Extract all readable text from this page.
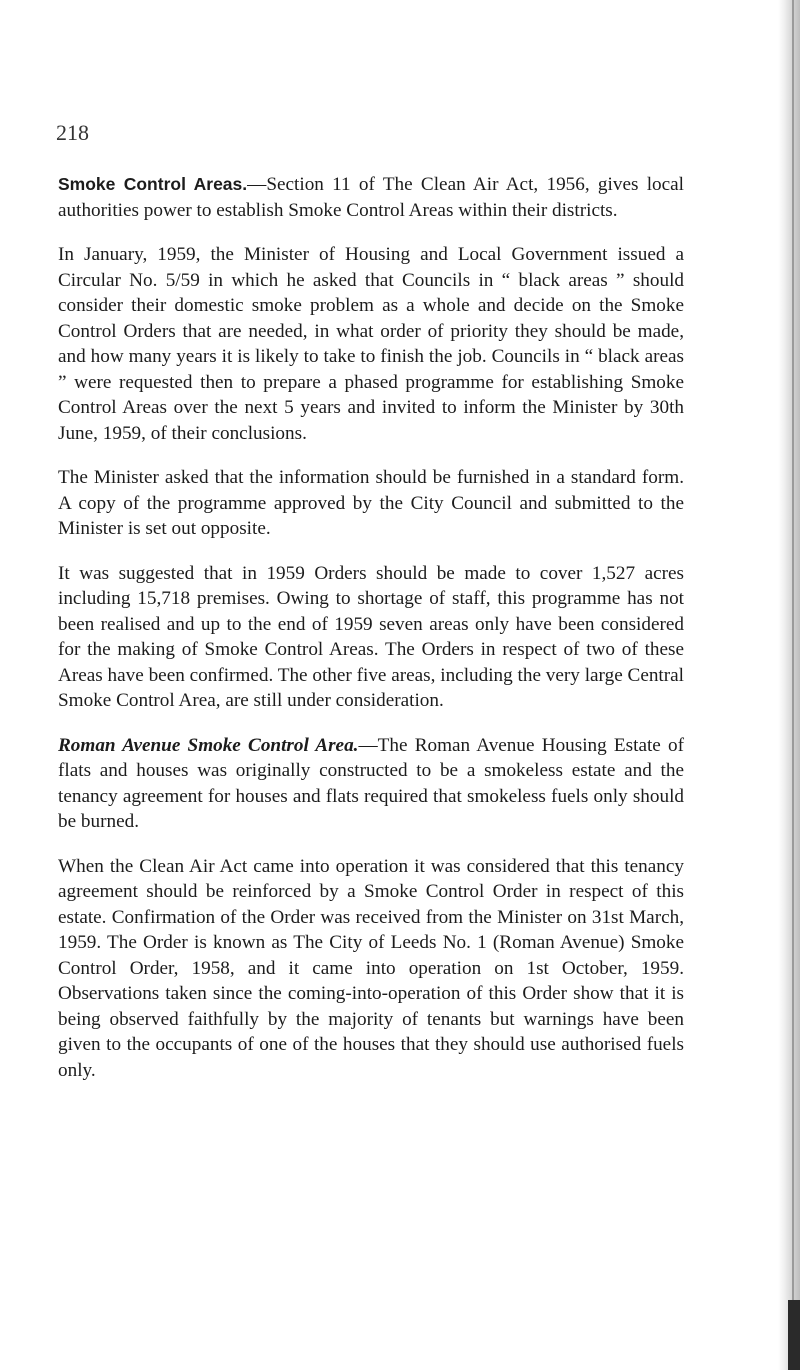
218

Smoke Control Areas.—Section 11 of The Clean Air Act, 1956, gives local authorities power to establish Smoke Control Areas within their districts.

In January, 1959, the Minister of Housing and Local Government issued a Circular No. 5/59 in which he asked that Councils in “ black areas ” should consider their domestic smoke problem as a whole and decide on the Smoke Control Orders that are needed, in what order of priority they should be made, and how many years it is likely to take to finish the job. Councils in “ black areas ” were requested then to prepare a phased programme for establishing Smoke Control Areas over the next 5 years and invited to inform the Minister by 30th June, 1959, of their conclusions.

The Minister asked that the information should be furnished in a standard form. A copy of the programme approved by the City Council and submitted to the Minister is set out opposite.

It was suggested that in 1959 Orders should be made to cover 1,527 acres including 15,718 premises. Owing to shortage of staff, this programme has not been realised and up to the end of 1959 seven areas only have been considered for the making of Smoke Control Areas. The Orders in respect of two of these Areas have been confirmed. The other five areas, including the very large Central Smoke Control Area, are still under consideration.

Roman Avenue Smoke Control Area.—The Roman Avenue Housing Estate of flats and houses was originally constructed to be a smokeless estate and the tenancy agreement for houses and flats required that smokeless fuels only should be burned.

When the Clean Air Act came into operation it was considered that this tenancy agreement should be reinforced by a Smoke Control Order in respect of this estate. Confirmation of the Order was received from the Minister on 31st March, 1959. The Order is known as The City of Leeds No. 1 (Roman Avenue) Smoke Control Order, 1958, and it came into operation on 1st October, 1959. Observations taken since the coming-into-operation of this Order show that it is being observed faithfully by the majority of tenants but warnings have been given to the occupants of one of the houses that they should use authorised fuels only.
